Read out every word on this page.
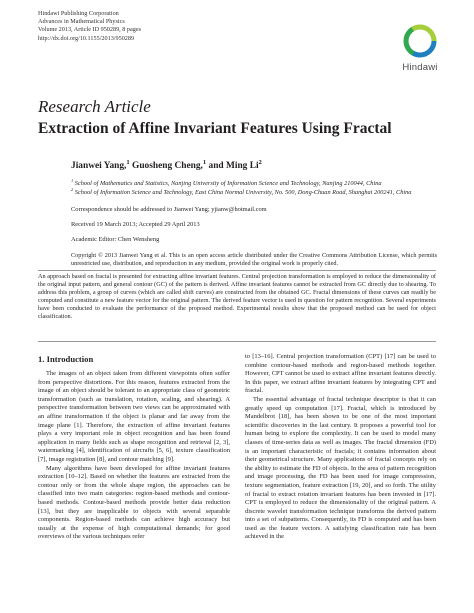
Hindawi Publishing Corporation
Advances in Mathematical Physics
Volume 2013, Article ID 950289, 8 pages
http://dx.doi.org/10.1155/2013/950289
Hindawi
Research Article
Extraction of Affine Invariant Features Using Fractal
Jianwei Yang,$^1$ Guosheng Cheng,$^1$ and Ming Li$^2$
$^1$ School of Mathematics and Statistics, Nanjing University of Information Science and Technology, Nanjing 210044, China
$^2$ School of Information Science and Technology, East China Normal University, No. 500, Dong-Chuan Road, Shanghai 200241, China
Correspondence should be addressed to Jianwei Yang; yjianw@hotmail.com
Received 19 March 2013; Accepted 29 April 2013
Academic Editor: Chen Wensheng
Copyright © 2013 Jianwei Yang et al. This is an open access article distributed under the Creative Commons Attribution License, which permits unrestricted use, distribution, and reproduction in any medium, provided the original work is properly cited.
An approach based on fractal is presented for extracting affine invariant features. Central projection transformation is employed to reduce the dimensionality of the original input pattern, and general contour (GC) of the pattern is derived. Affine invariant features cannot be extracted from GC directly due to shearing. To address this problem, a group of curves (which are called shift curves) are constructed from the obtained GC. Fractal dimensions of these curves can readily be computed and constitute a new feature vector for the original pattern. The derived feature vector is used in question for pattern recognition. Several experiments have been conducted to evaluate the performance of the proposed method. Experimental results show that the proposed method can be used for object classification.
1. Introduction

The images of an object taken from different viewpoints often suffer from perspective distortions. For this reason, features extracted from the image of an object should be tolerant to an appropriate class of geometric transformation (such as translation, rotation, scaling, and shearing). A perspective transformation between two views can be approximated with an affine transformation if the object is planar and far away from the image plane [1]. Therefore, the extraction of affine invariant features plays a very important role in object recognition and has been found application in many fields such as shape recognition and retrieval [2, 3], watermarking [4], identification of aircrafts [5, 6], texture classification [7], image registration [8], and contour matching [9].

Many algorithms have been developed for affine invariant features extraction [10–12]. Based on whether the features are extracted from the contour only or from the whole shape region, the approaches can be classified into two main categories: region-based methods and contour-based methods. Contour-based methods provide better data reduction [13], but they are inapplicable to objects with several separable components. Region-based methods can achieve high accuracy but usually at the expense of high computational demands; for good overviews of the various techniques refer

to [13–16]. Central projection transformation (CPT) [17] can be used to combine contour-based methods and region-based methods together. However, CPT cannot be used to extract affine invariant features directly. In this paper, we extract affine invariant features by integrating CPT and fractal.

The essential advantage of fractal technique descriptor is that it can greatly speed up computation [17]. Fractal, which is introduced by Mandelbrot [18], has been shown to be one of the most important scientific discoveries in the last century. It proposes a powerful tool for human being to explore the complexity. It can be used to model many classes of time-series data as well as images. The fractal dimension (FD) is an important characteristic of fractals; it contains information about their geometrical structure. Many applications of fractal concepts rely on the ability to estimate the FD of objects. In the area of pattern recognition and image processing, the FD has been used for image compression, texture segmentation, feature extraction [19, 20], and so forth. The utility of fractal to extract rotation invariant features has been invested in [17]. CPT is employed to reduce the dimensionality of the original pattern. A discrete wavelet transformation technique transforms the derived pattern into a set of subpatterns. Consequently, its FD is computed and has been used as the feature vectors. A satisfying classification rate has been achieved in the
